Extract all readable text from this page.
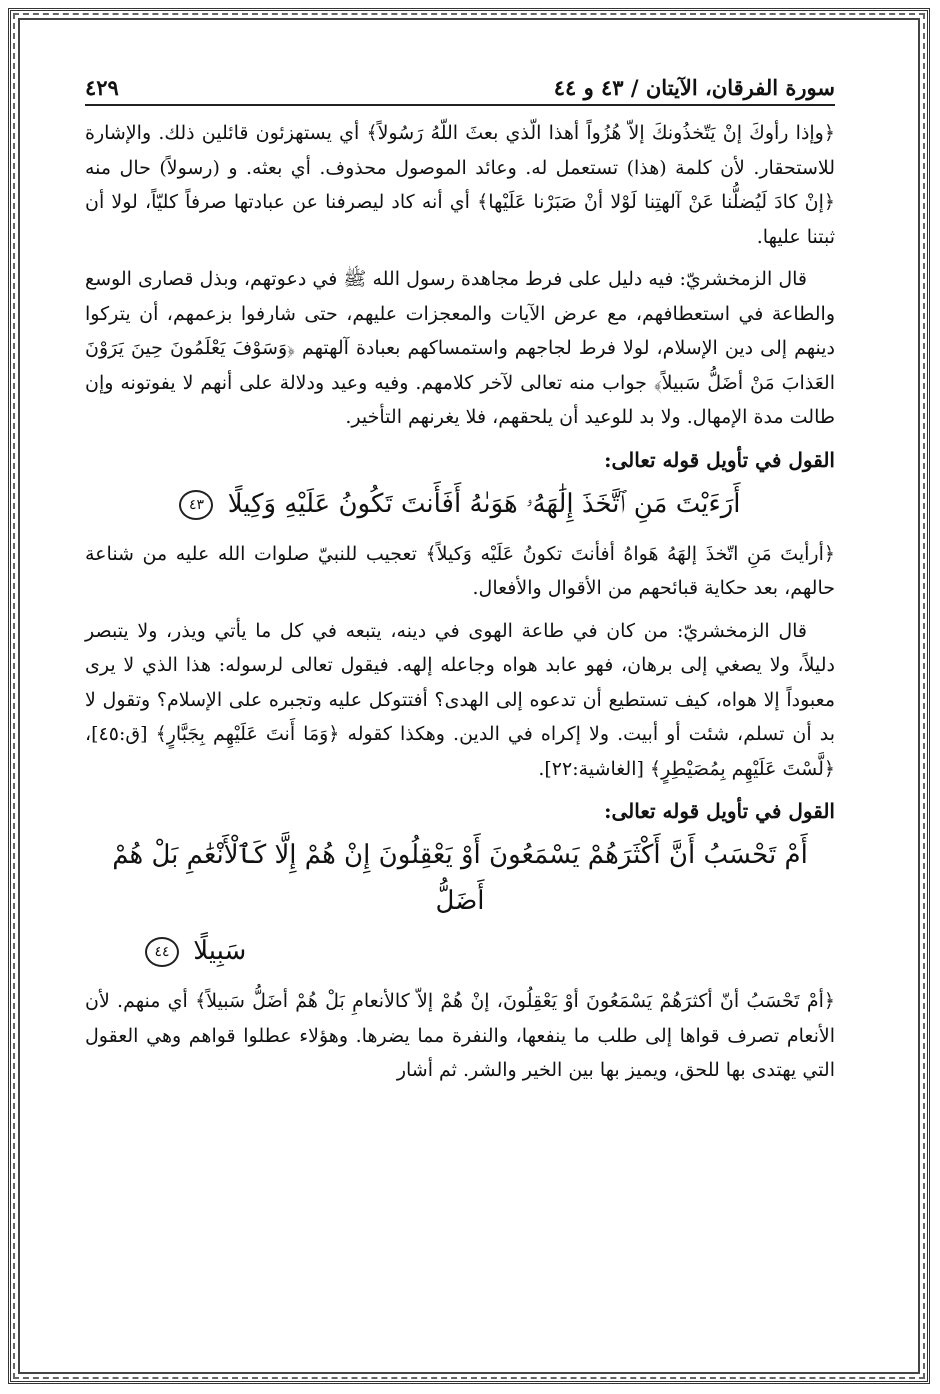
سورة الفرقان، الآيتان / ٤٣ و ٤٤
٤٢٩

﴿وإذا رأوكَ إنْ يَتّخذُونكَ إلاّ هُزُواً أهذا الّذي بعثَ اللّهُ رَسُولاً﴾ أي يستهزئون قائلين ذلك. والإشارة للاستحقار. لأن كلمة (هذا) تستعمل له. وعائد الموصول محذوف. أي بعثه. و (رسولاً) حال منه ﴿إنْ كادَ لَيُضلُّنا عَنْ آلهتِنا لَوْلا أنْ صَبَرْنا عَلَيْها﴾ أي أنه كاد ليصرفنا عن عبادتها صرفاً كليّاً، لولا أن ثبتنا عليها.

قال الزمخشريّ: فيه دليل على فرط مجاهدة رسول الله ﷺ في دعوتهم، وبذل قصارى الوسع والطاعة في استعطافهم، مع عرض الآيات والمعجزات عليهم، حتى شارفوا بزعمهم، أن يتركوا دينهم إلى دين الإسلام، لولا فرط لجاجهم واستمساكهم بعبادة آلهتهم ﴿وَسَوْفَ يَعْلَمُونَ حِينَ يَرَوْنَ العَذابَ مَنْ أضَلُّ سَبيلاً﴾ جواب منه تعالى لآخر كلامهم. وفيه وعيد ودلالة على أنهم لا يفوتونه وإن طالت مدة الإمهال. ولا بد للوعيد أن يلحقهم، فلا يغرنهم التأخير.

القول في تأويل قوله تعالى:
أَرَءَيْتَ مَنِ ٱتَّخَذَ إِلَٰهَهُۥ هَوَىٰهُ أَفَأَنتَ تَكُونُ عَلَيْهِ وَكِيلًا ٤٣

﴿أرأيتَ مَنِ اتّخذَ إلهَهُ هَواهُ أفأنتَ تكونُ عَلَيْه وَكيلاً﴾ تعجيب للنبيّ صلوات الله عليه من شناعة حالهم، بعد حكاية قبائحهم من الأقوال والأفعال.

قال الزمخشريّ: من كان في طاعة الهوى في دينه، يتبعه في كل ما يأتي ويذر، ولا يتبصر دليلاً، ولا يصغي إلى برهان، فهو عابد هواه وجاعله إلهه. فيقول تعالى لرسوله: هذا الذي لا يرى معبوداً إلا هواه، كيف تستطيع أن تدعوه إلى الهدى؟ أفتتوكل عليه وتجبره على الإسلام؟ وتقول لا بد أن تسلم، شئت أو أبيت. ولا إكراه في الدين. وهكذا كقوله ﴿وَمَا أَنتَ عَلَيْهِم بِجَبَّارٍ﴾ [ق:٤٥]، ﴿لَّسْتَ عَلَيْهِم بِمُصَيْطِرٍ﴾ [الغاشية:٢٢].

القول في تأويل قوله تعالى:
أَمْ تَحْسَبُ أَنَّ أَكْثَرَهُمْ يَسْمَعُونَ أَوْ يَعْقِلُونَ إِنْ هُمْ إِلَّا كَٱلْأَنْعَٰمِ بَلْ هُمْ أَضَلُّ
سَبِيلًا ٤٤

﴿أمْ تَحْسَبُ أنّ أكثرَهُمْ يَسْمَعُونَ أوْ يَعْقِلُونَ، إنْ هُمْ إلاّ كالأنعامِ بَلْ هُمْ أضَلُّ سَبيلاً﴾ أي منهم. لأن الأنعام تصرف قواها إلى طلب ما ينفعها، والنفرة مما يضرها. وهؤلاء عطلوا قواهم وهي العقول التي يهتدى بها للحق، ويميز بها بين الخير والشر. ثم أشار
